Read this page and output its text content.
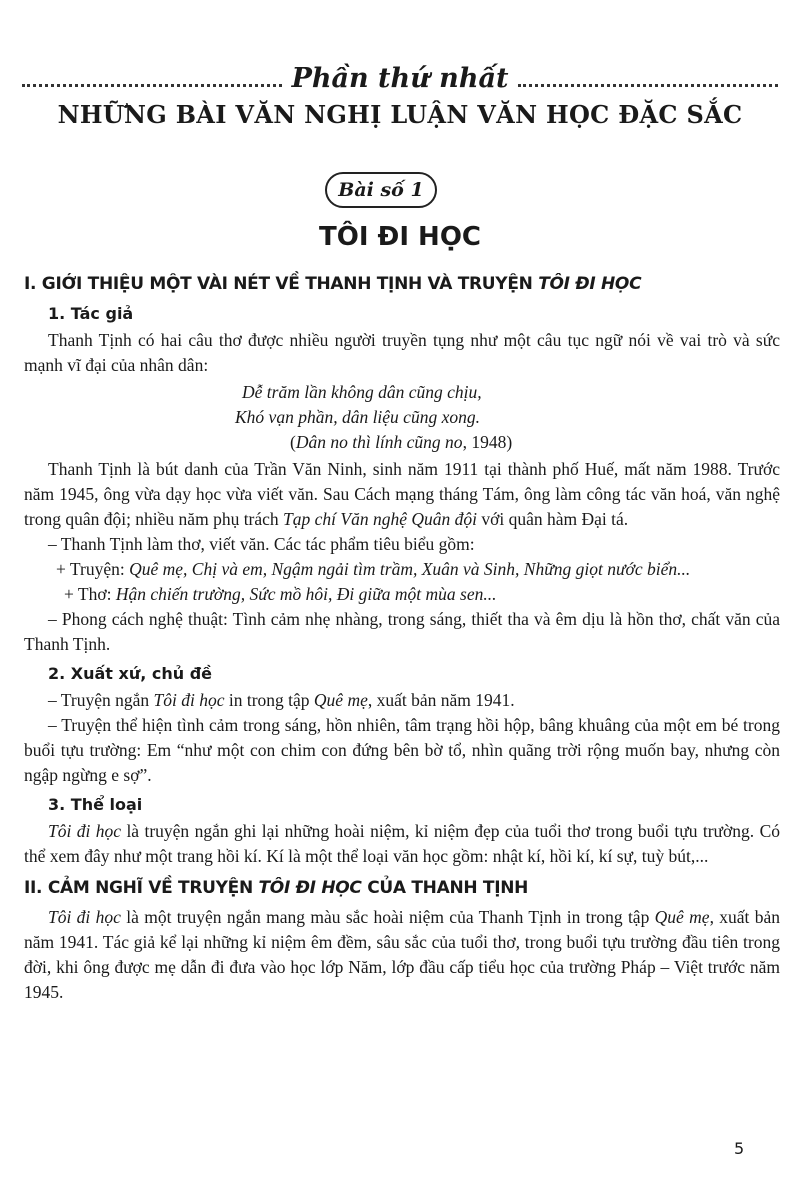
Phần thứ nhất
NHỮNG BÀI VĂN NGHỊ LUẬN VĂN HỌC ĐẶC SẮC
Bài số 1
TÔI ĐI HỌC
I. GIỚI THIỆU MỘT VÀI NÉT VỀ THANH TỊNH VÀ TRUYỆN TÔI ĐI HỌC
1. Tác giả

Thanh Tịnh có hai câu thơ được nhiều người truyền tụng như một câu tục ngữ nói về vai trò và sức mạnh vĩ đại của nhân dân:

Dễ trăm lần không dân cũng chịu,
Khó vạn phần, dân liệu cũng xong.
(Dân no thì lính cũng no, 1948)

Thanh Tịnh là bút danh của Trần Văn Ninh, sinh năm 1911 tại thành phố Huế, mất năm 1988. Trước năm 1945, ông vừa dạy học vừa viết văn. Sau Cách mạng tháng Tám, ông làm công tác văn hoá, văn nghệ trong quân đội; nhiều năm phụ trách Tạp chí Văn nghệ Quân đội với quân hàm Đại tá.

– Thanh Tịnh làm thơ, viết văn. Các tác phẩm tiêu biểu gồm:

+ Truyện: Quê mẹ, Chị và em, Ngậm ngải tìm trầm, Xuân và Sinh, Những giọt nước biển...

+ Thơ: Hận chiến trường, Sức mồ hôi, Đi giữa một mùa sen...

– Phong cách nghệ thuật: Tình cảm nhẹ nhàng, trong sáng, thiết tha và êm dịu là hồn thơ, chất văn của Thanh Tịnh.

2. Xuất xứ, chủ đề

– Truyện ngắn Tôi đi học in trong tập Quê mẹ, xuất bản năm 1941.

– Truyện thể hiện tình cảm trong sáng, hồn nhiên, tâm trạng hồi hộp, bâng khuâng của một em bé trong buổi tựu trường: Em “như một con chim con đứng bên bờ tổ, nhìn quãng trời rộng muốn bay, nhưng còn ngập ngừng e sợ”.

3. Thể loại

Tôi đi học là truyện ngắn ghi lại những hoài niệm, kỉ niệm đẹp của tuổi thơ trong buổi tựu trường. Có thể xem đây như một trang hồi kí. Kí là một thể loại văn học gồm: nhật kí, hồi kí, kí sự, tuỳ bút,...

II. CẢM NGHĨ VỀ TRUYỆN TÔI ĐI HỌC CỦA THANH TỊNH

Tôi đi học là một truyện ngắn mang màu sắc hoài niệm của Thanh Tịnh in trong tập Quê mẹ, xuất bản năm 1941. Tác giả kể lại những kỉ niệm êm đềm, sâu sắc của tuổi thơ, trong buổi tựu trường đầu tiên trong đời, khi ông được mẹ dẫn đi đưa vào học lớp Năm, lớp đầu cấp tiểu học của trường Pháp – Việt trước năm 1945.

5
